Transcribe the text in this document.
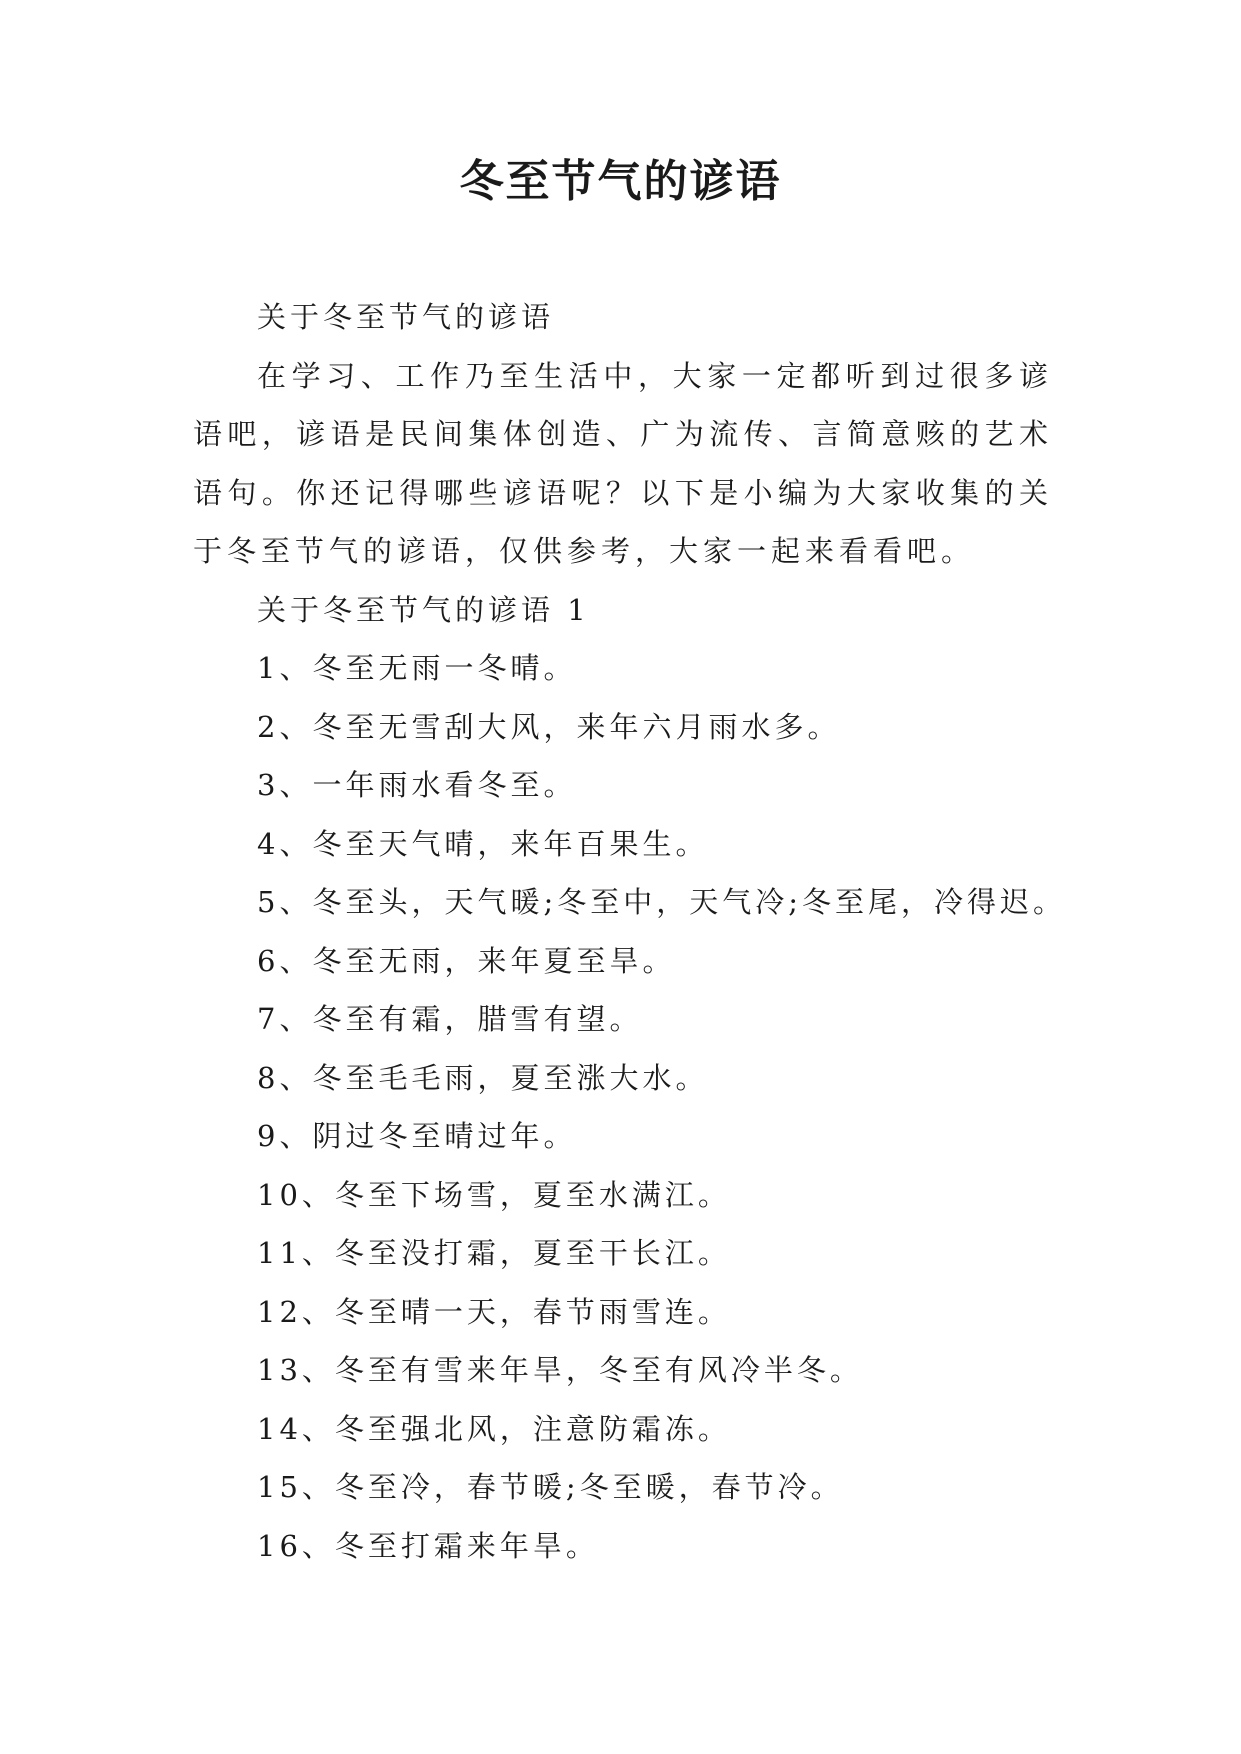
冬至节气的谚语

关于冬至节气的谚语

在学习、工作乃至生活中，大家一定都听到过很多谚语吧，谚语是民间集体创造、广为流传、言简意赅的艺术语句。你还记得哪些谚语呢？以下是小编为大家收集的关于冬至节气的谚语，仅供参考，大家一起来看看吧。

关于冬至节气的谚语 1

1、冬至无雨一冬晴。

2、冬至无雪刮大风，来年六月雨水多。

3、一年雨水看冬至。

4、冬至天气晴，来年百果生。

5、冬至头，天气暖;冬至中，天气冷;冬至尾，冷得迟。

6、冬至无雨，来年夏至旱。

7、冬至有霜，腊雪有望。

8、冬至毛毛雨，夏至涨大水。

9、阴过冬至晴过年。

10、冬至下场雪，夏至水满江。

11、冬至没打霜，夏至干长江。

12、冬至晴一天，春节雨雪连。

13、冬至有雪来年旱，冬至有风冷半冬。

14、冬至强北风，注意防霜冻。

15、冬至冷，春节暖;冬至暖，春节冷。

16、冬至打霜来年旱。
